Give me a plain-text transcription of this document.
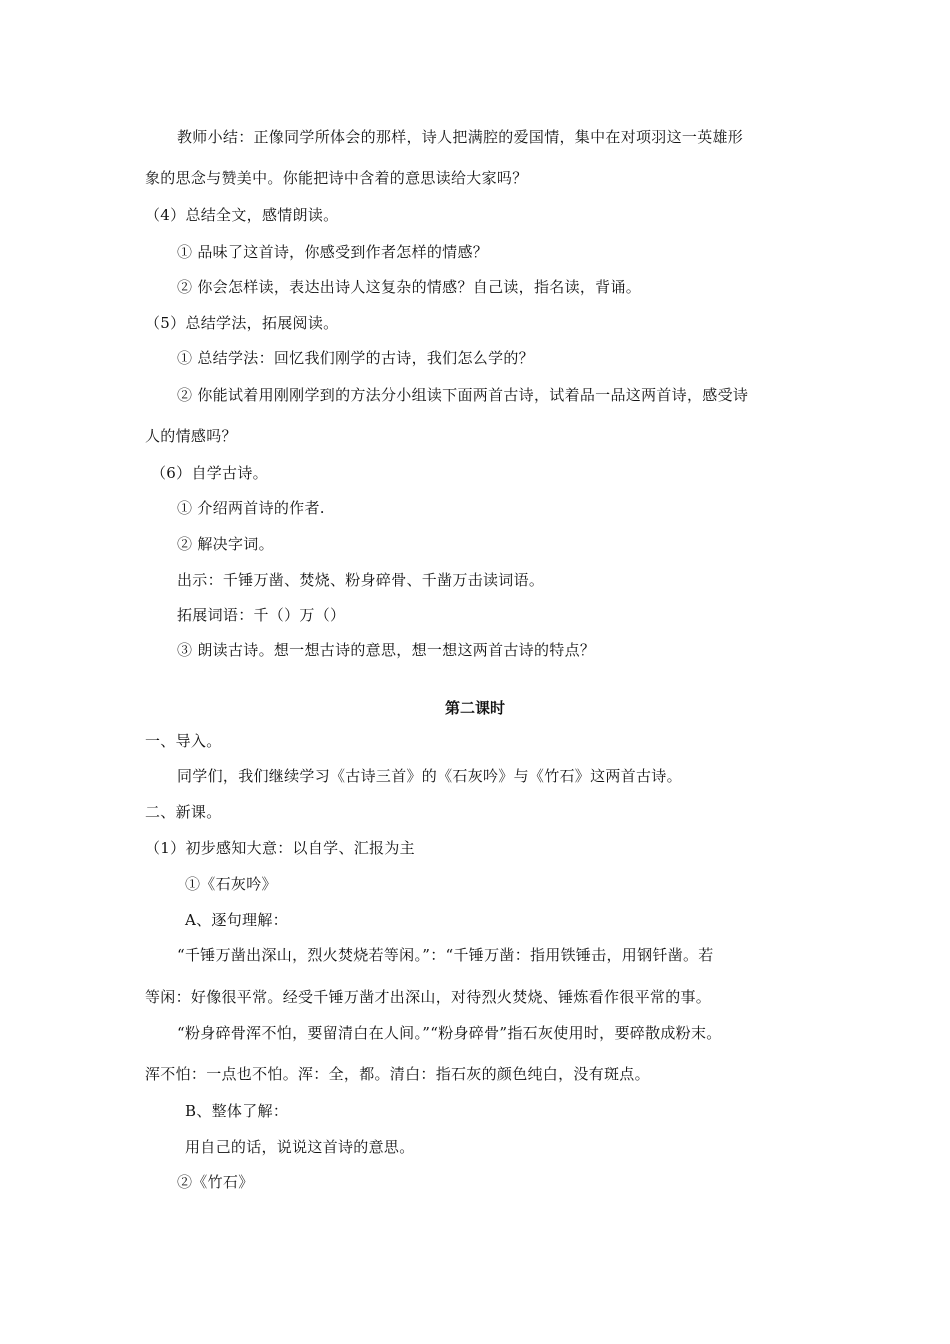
教师小结：正像同学所体会的那样，诗人把满腔的爱国情，集中在对项羽这一英雄形
象的思念与赞美中。你能把诗中含着的意思读给大家吗？
（4）总结全文，感情朗读。
① 品味了这首诗，你感受到作者怎样的情感？
② 你会怎样读，表达出诗人这复杂的情感？自己读，指名读，背诵。
（5）总结学法，拓展阅读。
① 总结学法：回忆我们刚学的古诗，我们怎么学的？
② 你能试着用刚刚学到的方法分小组读下面两首古诗，试着品一品这两首诗，感受诗
人的情感吗？
（6）自学古诗。
① 介绍两首诗的作者.
② 解决字词。
出示：千锤万凿、焚烧、粉身碎骨、千凿万击读词语。
拓展词语：千（）万（）
③ 朗读古诗。想一想古诗的意思，想一想这两首古诗的特点？
第二课时
一、导入。
同学们，我们继续学习《古诗三首》的《石灰吟》与《竹石》这两首古诗。
二、新课。
（1）初步感知大意：以自学、汇报为主
①《石灰吟》
A、逐句理解：
“千锤万凿出深山，烈火焚烧若等闲。”：“千锤万凿：指用铁锤击，用钢钎凿。若
等闲：好像很平常。经受千锤万凿才出深山，对待烈火焚烧、锤炼看作很平常的事。
“粉身碎骨浑不怕，要留清白在人间。”“粉身碎骨”指石灰使用时，要碎散成粉末。
浑不怕：一点也不怕。浑：全，都。清白：指石灰的颜色纯白，没有斑点。
B、整体了解：
用自己的话，说说这首诗的意思。
②《竹石》
